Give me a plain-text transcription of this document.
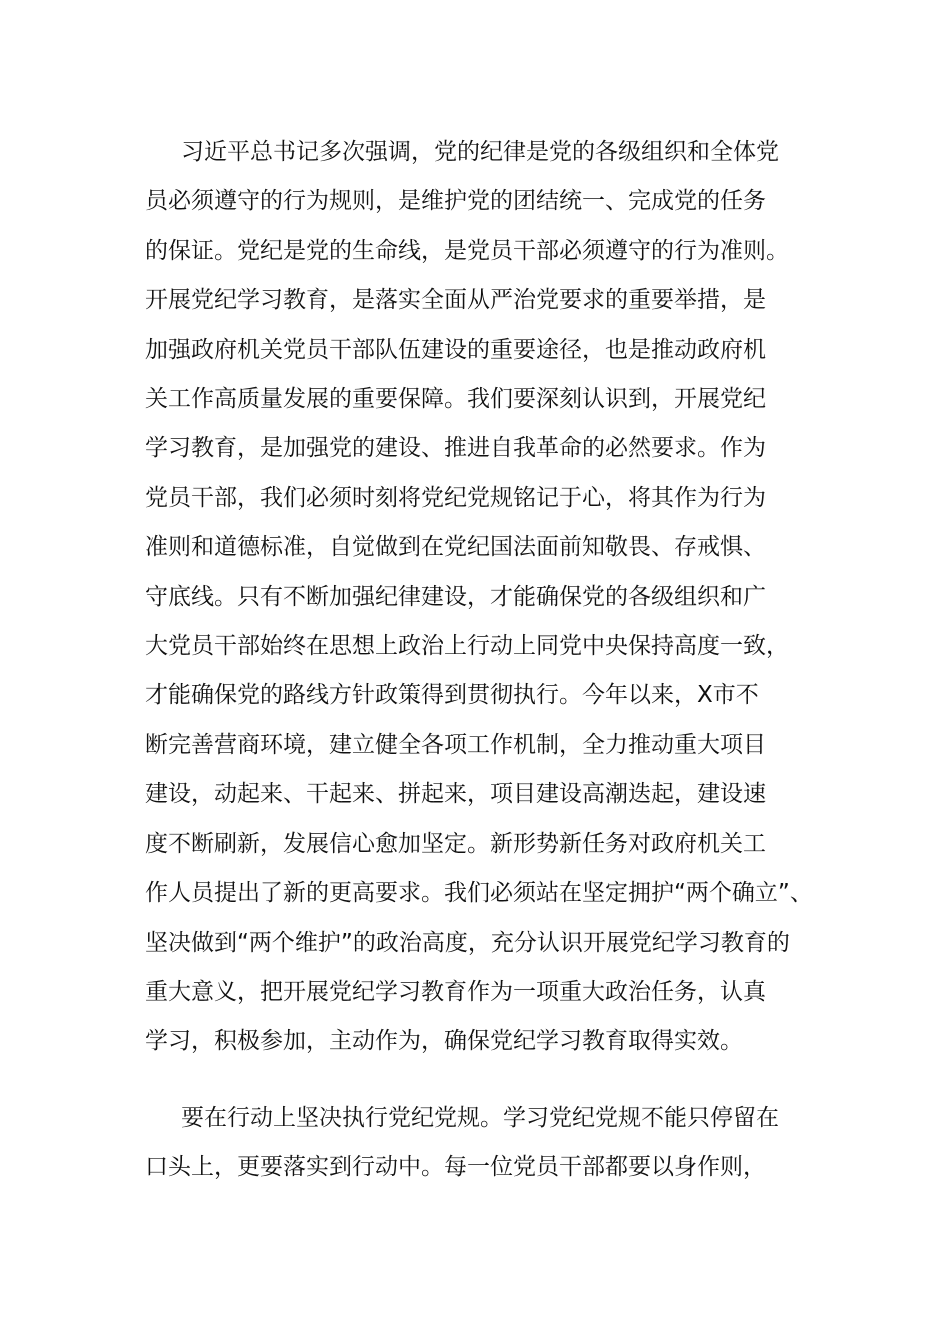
习近平总书记多次强调，党的纪律是党的各级组织和全体党
员必须遵守的行为规则，是维护党的团结统一、完成党的任务
的保证。党纪是党的生命线，是党员干部必须遵守的行为准则。
开展党纪学习教育，是落实全面从严治党要求的重要举措，是
加强政府机关党员干部队伍建设的重要途径，也是推动政府机
关工作高质量发展的重要保障。我们要深刻认识到，开展党纪
学习教育，是加强党的建设、推进自我革命的必然要求。作为
党员干部，我们必须时刻将党纪党规铭记于心，将其作为行为
准则和道德标准，自觉做到在党纪国法面前知敬畏、存戒惧、
守底线。只有不断加强纪律建设，才能确保党的各级组织和广
大党员干部始终在思想上政治上行动上同党中央保持高度一致，
才能确保党的路线方针政策得到贯彻执行。今年以来，X市不
断完善营商环境，建立健全各项工作机制，全力推动重大项目
建设，动起来、干起来、拼起来，项目建设高潮迭起，建设速
度不断刷新，发展信心愈加坚定。新形势新任务对政府机关工
作人员提出了新的更高要求。我们必须站在坚定拥护“两个确立”、
坚决做到“两个维护”的政治高度，充分认识开展党纪学习教育的
重大意义，把开展党纪学习教育作为一项重大政治任务，认真
学习，积极参加，主动作为，确保党纪学习教育取得实效。

要在行动上坚决执行党纪党规。学习党纪党规不能只停留在
口头上，更要落实到行动中。每一位党员干部都要以身作则，
